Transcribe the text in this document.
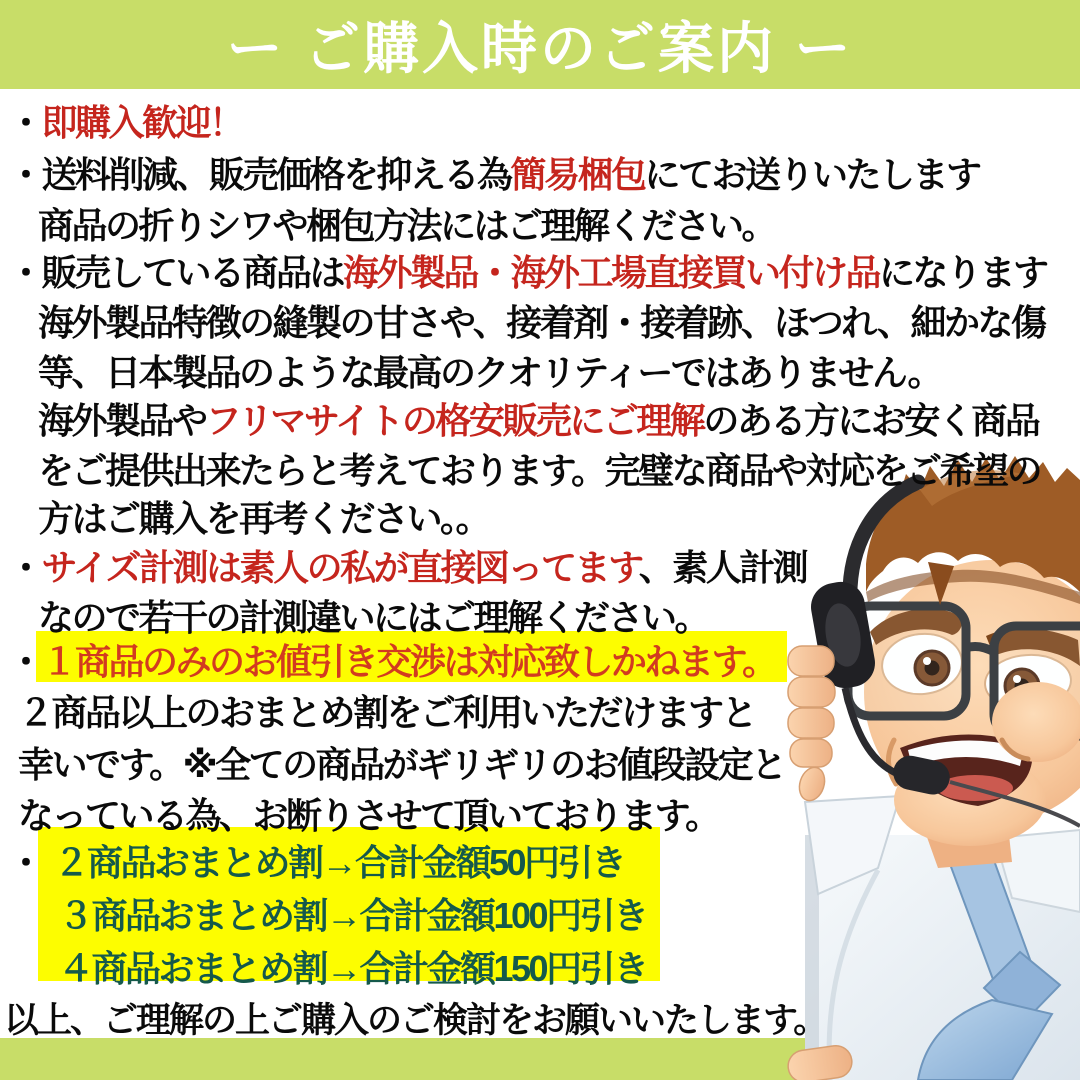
ー ご購入時のご案内 ー
・即購入歓迎！
・送料削減、販売価格を抑える為簡易梱包にてお送りいたします
商品の折りシワや梱包方法にはご理解ください。
・販売している商品は海外製品・海外工場直接買い付け品になります
海外製品特徴の縫製の甘さや、接着剤・接着跡、ほつれ、細かな傷
等、日本製品のような最高のクオリティーではありません。
海外製品やフリマサイトの格安販売にご理解のある方にお安く商品
をご提供出来たらと考えております。完璧な商品や対応をご希望の
方はご購入を再考ください。。
・サイズ計測は素人の私が直接図ってます、素人計測
なので若干の計測違いにはご理解ください。
・１商品のみのお値引き交渉は対応致しかねます。
２商品以上のおまとめ割をご利用いただけますと
幸いです。※全ての商品がギリギリのお値段設定と
なっている為、お断りさせて頂いております。
・ ２商品おまとめ割→合計金額50円引き
３商品おまとめ割→合計金額100円引き
４商品おまとめ割→合計金額150円引き
以上、ご理解の上ご購入のご検討をお願いいたします。
